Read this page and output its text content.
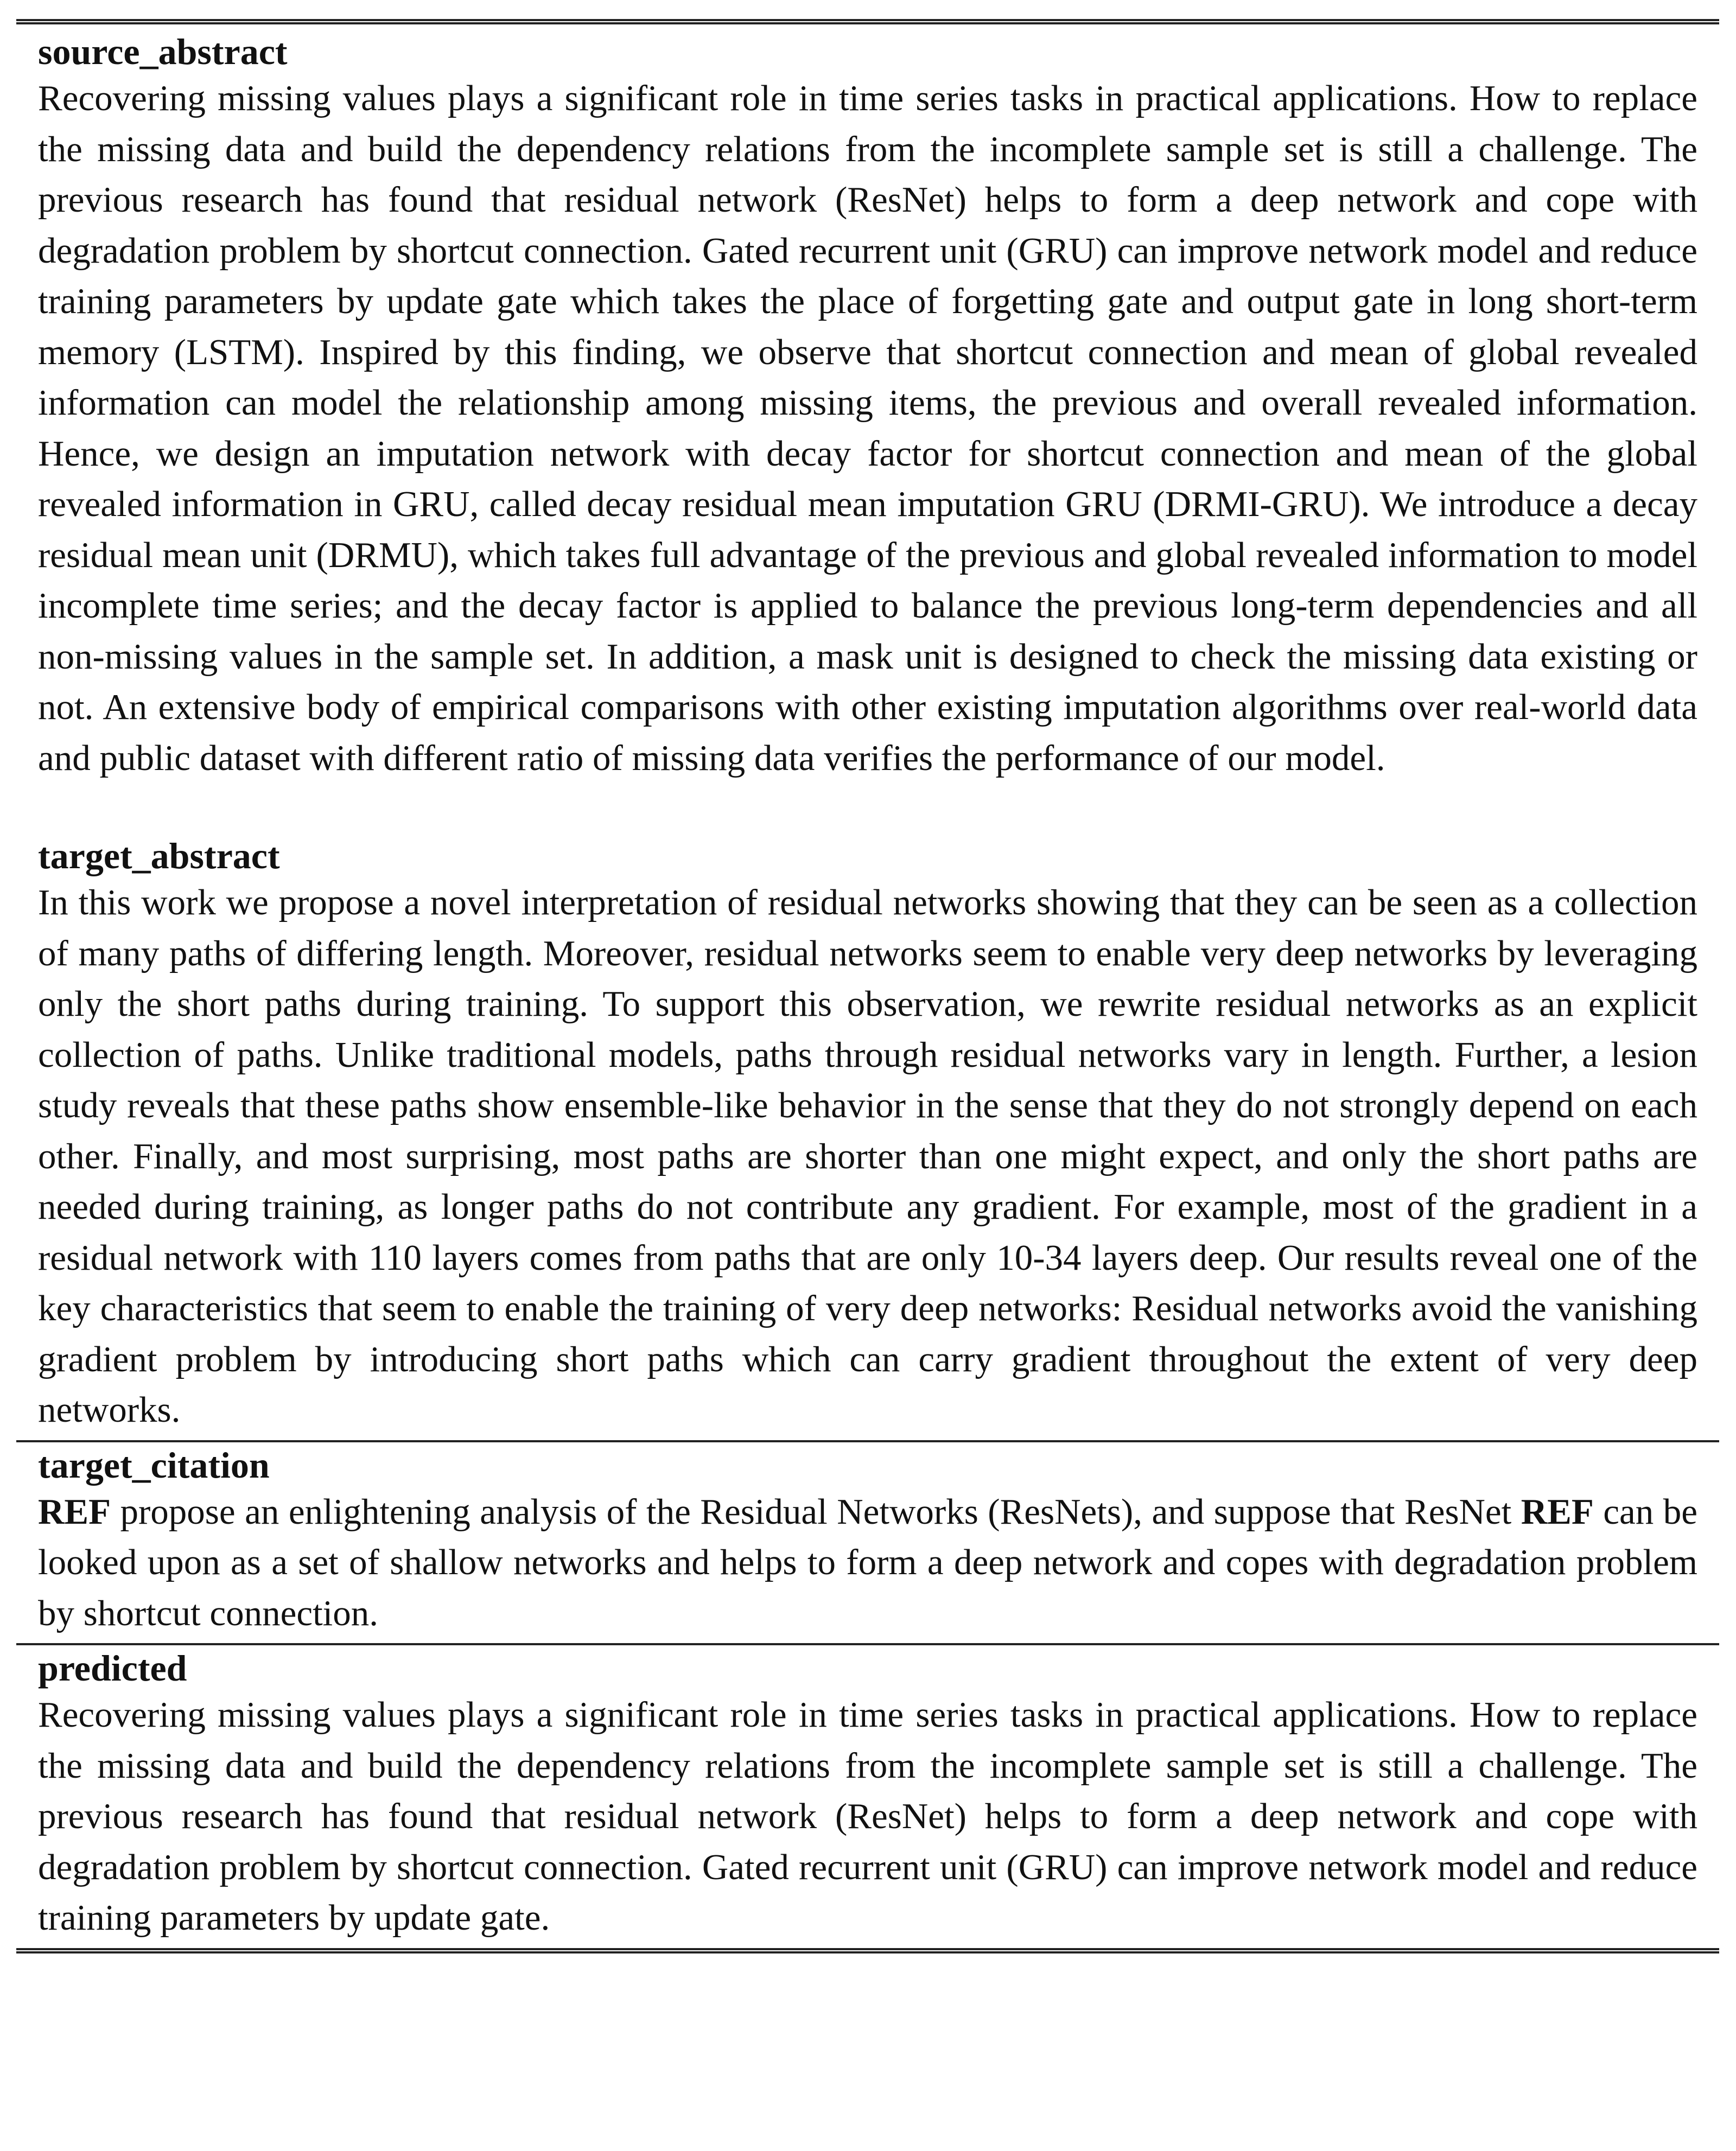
source_abstract

Recovering missing values plays a significant role in time series tasks in practical applications. How to replace the missing data and build the dependency relations from the incomplete sample set is still a challenge. The previous research has found that residual network (ResNet) helps to form a deep network and cope with degradation problem by shortcut connection. Gated recurrent unit (GRU) can improve network model and reduce training parameters by update gate which takes the place of forgetting gate and output gate in long short-term memory (LSTM). Inspired by this finding, we observe that shortcut connection and mean of global revealed information can model the relationship among missing items, the previous and overall revealed information. Hence, we design an imputation network with decay factor for shortcut connection and mean of the global revealed information in GRU, called decay residual mean imputation GRU (DRMI-GRU). We introduce a decay residual mean unit (DRMU), which takes full advantage of the previous and global revealed information to model incomplete time series; and the decay factor is applied to balance the previous long-term dependencies and all non-missing values in the sample set. In addition, a mask unit is designed to check the missing data existing or not. An extensive body of empirical comparisons with other existing imputation algorithms over real-world data and public dataset with different ratio of missing data verifies the performance of our model.

target_abstract

In this work we propose a novel interpretation of residual networks showing that they can be seen as a collection of many paths of differing length. Moreover, residual networks seem to enable very deep networks by leveraging only the short paths during training. To support this observation, we rewrite residual networks as an explicit collection of paths. Unlike traditional models, paths through residual networks vary in length. Further, a lesion study reveals that these paths show ensemble-like behavior in the sense that they do not strongly depend on each other. Finally, and most surprising, most paths are shorter than one might expect, and only the short paths are needed during training, as longer paths do not contribute any gradient. For example, most of the gradient in a residual network with 110 layers comes from paths that are only 10-34 layers deep. Our results reveal one of the key characteristics that seem to enable the training of very deep networks: Residual networks avoid the vanishing gradient problem by introducing short paths which can carry gradient throughout the extent of very deep networks.

target_citation

REF propose an enlightening analysis of the Residual Networks (ResNets), and suppose that ResNet REF can be looked upon as a set of shallow networks and helps to form a deep network and copes with degradation problem by shortcut connection.

predicted

Recovering missing values plays a significant role in time series tasks in practical applications. How to replace the missing data and build the dependency relations from the incomplete sample set is still a challenge. The previous research has found that residual network (ResNet) helps to form a deep network and cope with degradation problem by shortcut connection. Gated recurrent unit (GRU) can improve network model and reduce training parameters by update gate.
